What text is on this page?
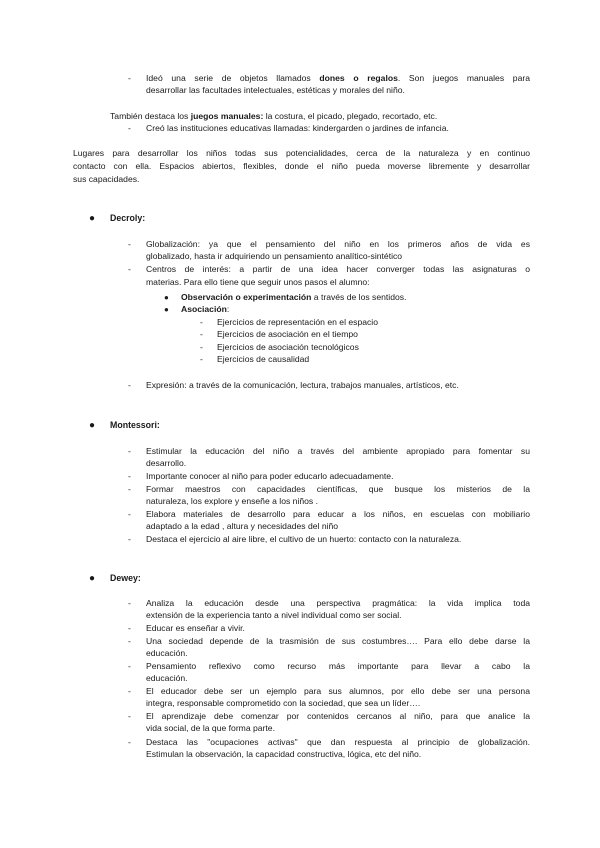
- Ideó una serie de objetos llamados dones o regalos. Son juegos manuales para
desarrollar las facultades intelectuales, estéticas y morales del niño.
También destaca los juegos manuales: la costura, el picado, plegado, recortado, etc.
- Creó las instituciones educativas llamadas: kindergarden o jardines de infancia.
Lugares para desarrollar los niños todas sus potencialidades, cerca de la naturaleza y en continuo
contacto con ella. Espacios abiertos, flexibles, donde el niño pueda moverse libremente y desarrollar
sus capacidades.
● Decroly:
- Globalización: ya que el pensamiento del niño en los primeros años de vida es
globalizado, hasta ir adquiriendo un pensamiento analítico-sintético
- Centros de interés: a partir de una idea hacer converger todas las asignaturas o
materias. Para ello tiene que seguir unos pasos el alumno:
● Observación o experimentación a través de los sentidos.
● Asociación:
- Ejercicios de representación en el espacio
- Ejercicios de asociación en el tiempo
- Ejercicios de asociación tecnológicos
- Ejercicios de causalidad
- Expresión: a través de la comunicación, lectura, trabajos manuales, artísticos, etc.
● Montessori:
- Estimular la educación del niño a través del ambiente apropiado para fomentar su
desarrollo.
- Importante conocer al niño para poder educarlo adecuadamente.
- Formar maestros con capacidades científicas, que busque los misterios de la
naturaleza, los explore y enseñe a los niños .
- Elabora materiales de desarrollo para educar a los niños, en escuelas con mobiliario
adaptado a la edad , altura y necesidades del niño
- Destaca el ejercicio al aire libre, el cultivo de un huerto: contacto con la naturaleza.
● Dewey:
- Analiza la educación desde una perspectiva pragmática: la vida implica toda
extensión de la experiencia tanto a nivel individual como ser social.
- Educar es enseñar a vivir.
- Una sociedad depende de la trasmisión de sus costumbres…. Para ello debe darse la
educación.
- Pensamiento reflexivo como recurso más importante para llevar a cabo la
educación.
- El educador debe ser un ejemplo para sus alumnos, por ello debe ser una persona
integra, responsable comprometido con la sociedad, que sea un líder….
- El aprendizaje debe comenzar por contenidos cercanos al niño, para que analice la
vida social, de la que forma parte.
- Destaca las "ocupaciones activas" que dan respuesta al principio de globalización.
Estimulan la observación, la capacidad constructiva, lógica, etc del niño.
